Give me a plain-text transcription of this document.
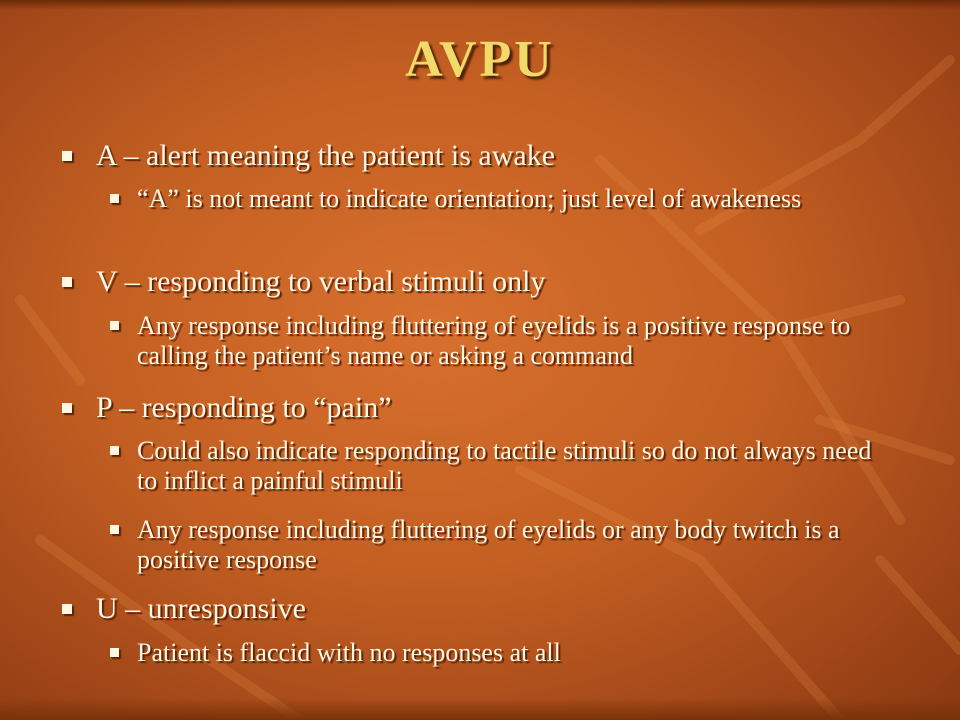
AVPU
A – alert meaning the patient is awake
“A” is not meant to indicate orientation; just level of awakeness
V – responding to verbal stimuli only
Any response including fluttering of eyelids is a positive response to calling the patient’s name or asking a command
P – responding to “pain”
Could also indicate responding to tactile stimuli so do not always need to inflict a painful stimuli
Any response including fluttering of eyelids or any body twitch is a positive response
U – unresponsive
Patient is flaccid with no responses at all
